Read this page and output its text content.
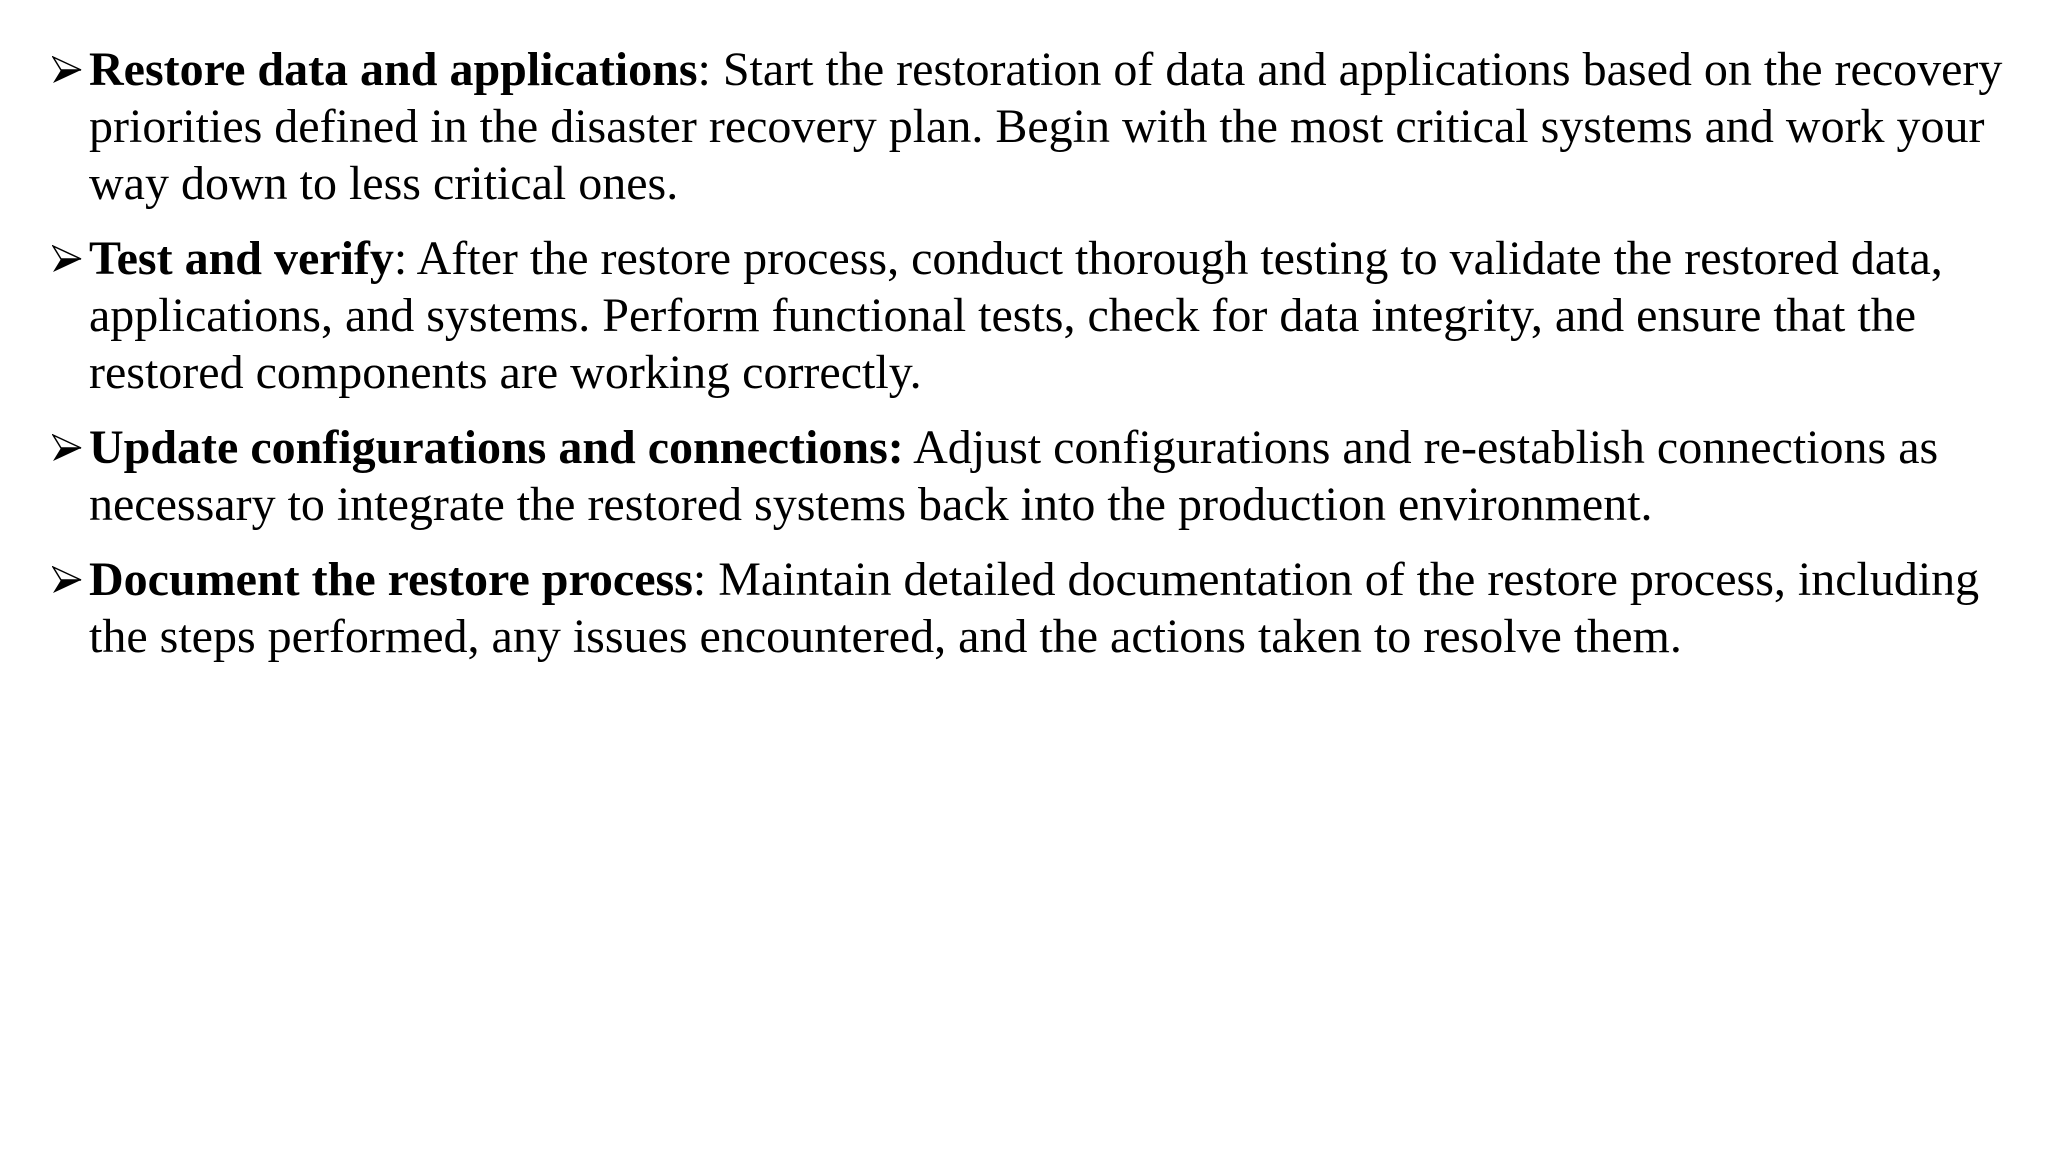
Restore data and applications: Start the restoration of data and applications based on the recovery priorities defined in the disaster recovery plan. Begin with the most critical systems and work your way down to less critical ones.
Test and verify: After the restore process, conduct thorough testing to validate the restored data, applications, and systems. Perform functional tests, check for data integrity, and ensure that the restored components are working correctly.
Update configurations and connections: Adjust configurations and re-establish connections as necessary to integrate the restored systems back into the production environment.
Document the restore process: Maintain detailed documentation of the restore process, including the steps performed, any issues encountered, and the actions taken to resolve them.
